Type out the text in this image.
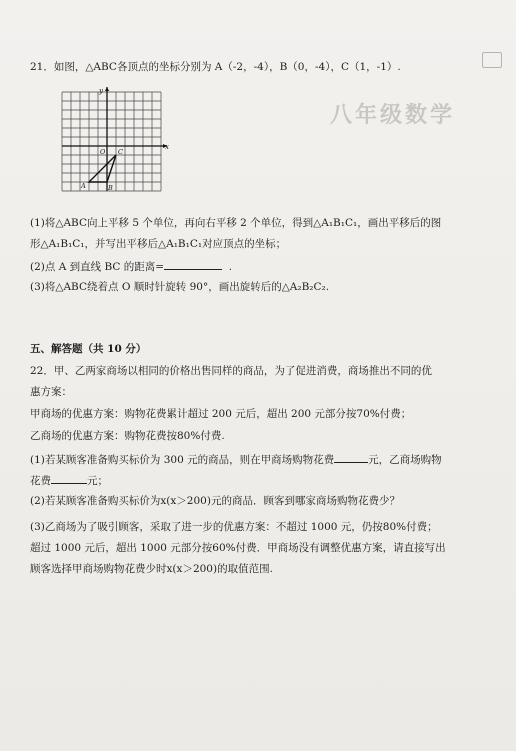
八年级数学
21．如图，△ABC各顶点的坐标分别为 A（-2，-4），B（0，-4），C（1，-1）.
x
y
O
A	B
C
(1)将△ABC向上平移 5 个单位，再向右平移 2 个单位，得到△A₁B₁C₁，画出平移后的图
形△A₁B₁C₁，并写出平移后△A₁B₁C₁对应顶点的坐标；
(2)点 A 到直线 BC 的距离=	.
(3)将△ABC绕着点 O 顺时针旋转 90°，画出旋转后的△A₂B₂C₂.
五、解答题（共 10 分）
22．甲、乙两家商场以相同的价格出售同样的商品，为了促进消费，商场推出不同的优
惠方案：
甲商场的优惠方案：购物花费累计超过 200 元后，超出 200 元部分按70%付费；
乙商场的优惠方案：购物花费按80%付费.
(1)若某顾客准备购买标价为 300 元的商品，则在甲商场购物花费	元，乙商场购物
花费	元；
(2)若某顾客准备购买标价为x(x＞200)元的商品．顾客到哪家商场购物花费少？
(3)乙商场为了吸引顾客，采取了进一步的优惠方案：不超过 1000 元，仍按80%付费；
超过 1000 元后，超出 1000 元部分按60%付费．甲商场没有调整优惠方案，请直接写出
顾客选择甲商场购物花费少时x(x＞200)的取值范围.
